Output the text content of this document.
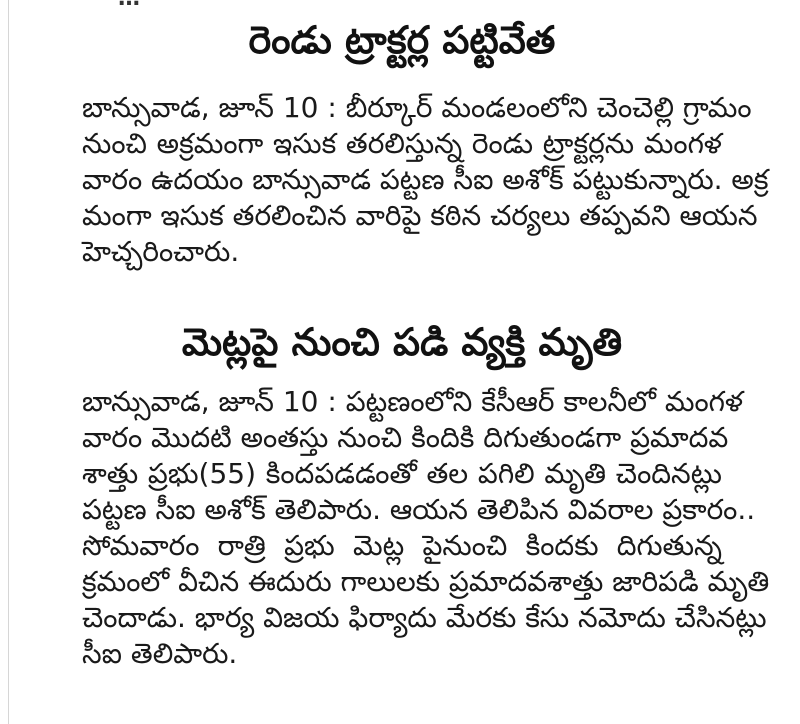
రెండు ట్రాక్టర్ల పట్టివేత

బాన్సువాడ, జూన్ 10 : బీర్కూర్ మండలంలోని చెంచెల్లి గ్రామం

నుంచి అక్రమంగా ఇసుక తరలిస్తున్న రెండు ట్రాక్టర్లను మంగళ

వారం ఉదయం బాన్సువాడ పట్టణ సీఐ అశోక్ పట్టుకున్నారు. అక్ర

మంగా ఇసుక తరలించిన వారిపై కఠిన చర్యలు తప్పవని ఆయన

హెచ్చరించారు.

మెట్లపై నుంచి పడి వ్యక్తి మృతి

బాన్సువాడ, జూన్ 10 : పట్టణంలోని కేసీఆర్ కాలనీలో మంగళ

వారం మొదటి అంతస్తు నుంచి కిందికి దిగుతుండగా ప్రమాదవ

శాత్తు ప్రభు(55) కిందపడడంతో తల పగిలి మృతి చెందినట్లు

పట్టణ సీఐ అశోక్ తెలిపారు. ఆయన తెలిపిన వివరాల ప్రకారం..

సోమవారం రాత్రి ప్రభు మెట్ల పైనుంచి కిందకు దిగుతున్న

క్రమంలో వీచిన ఈదురు గాలులకు ప్రమాదవశాత్తు జారిపడి మృతి

చెందాడు. భార్య విజయ ఫిర్యాదు మేరకు కేసు నమోదు చేసినట్లు

సీఐ తెలిపారు.
